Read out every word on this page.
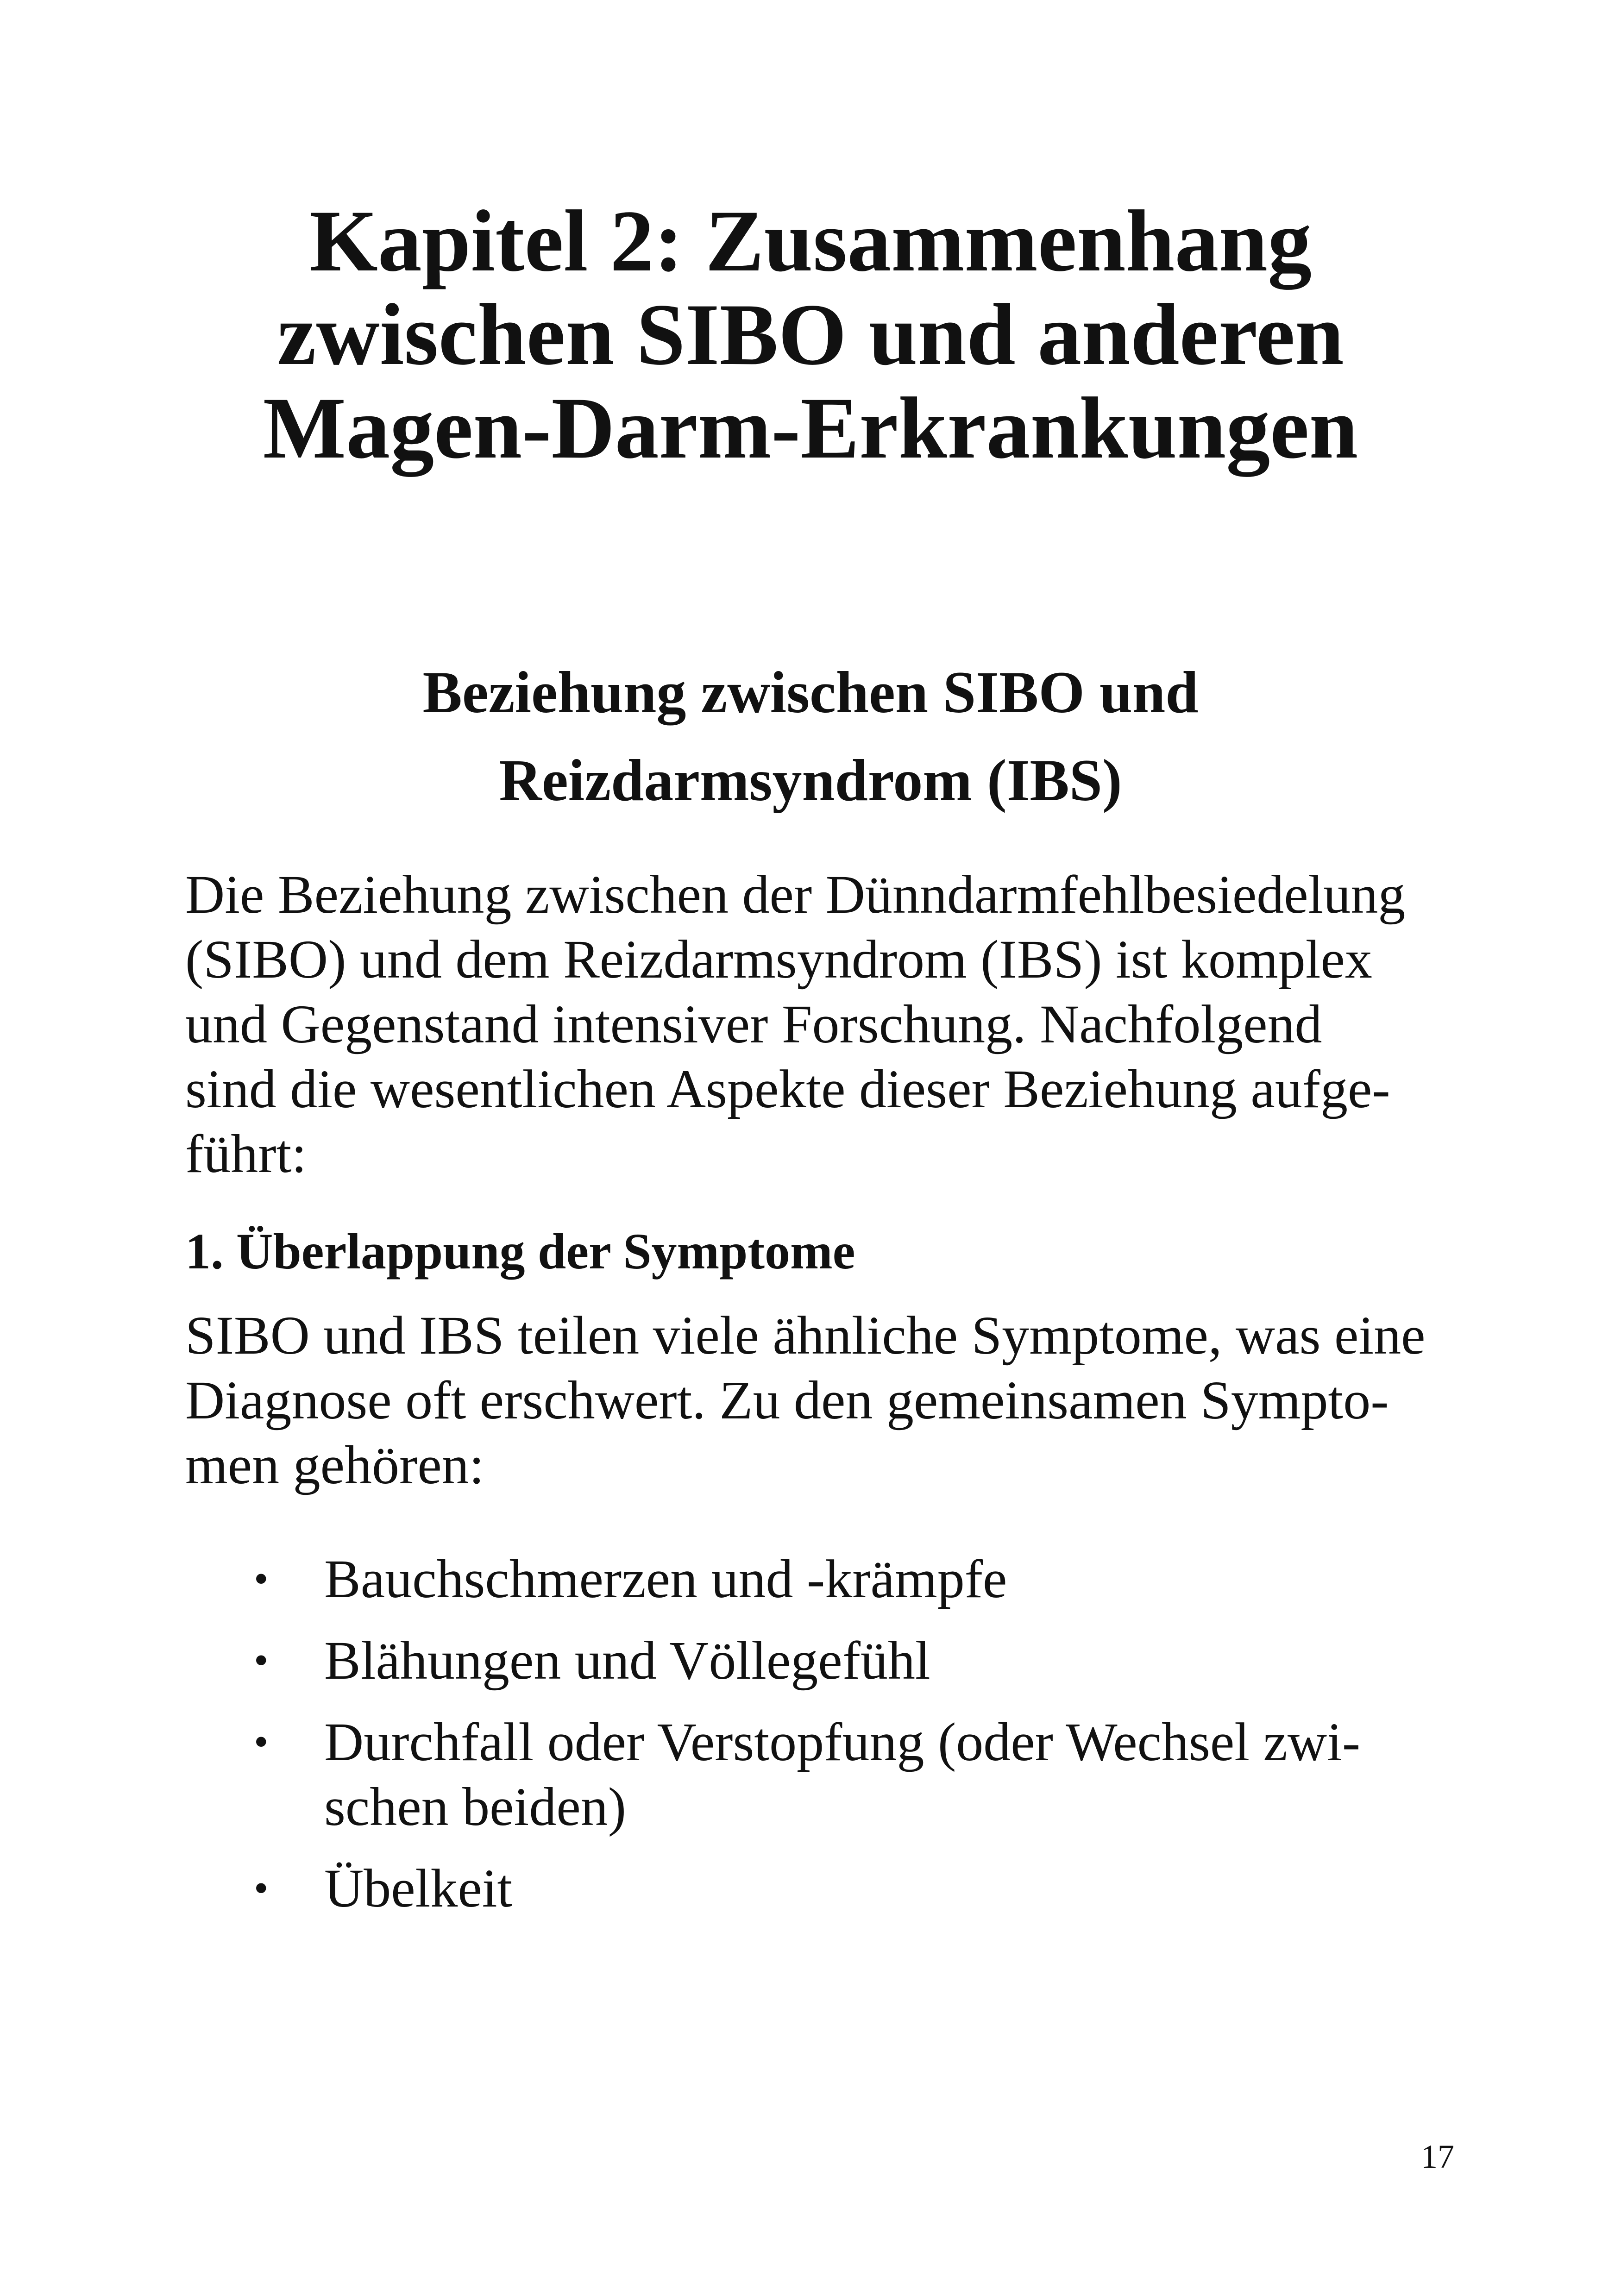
Kapitel 2: Zusammenhang
zwischen SIBO und anderen
Magen-Darm-Erkrankungen
Beziehung zwischen SIBO und
Reizdarmsyndrom (IBS)

Die Beziehung zwischen der Dünndarmfehlbesiedelung
(SIBO) und dem Reizdarmsyndrom (IBS) ist komplex
und Gegenstand intensiver Forschung. Nachfolgend
sind die wesentlichen Aspekte dieser Beziehung aufge-
führt:

1. Überlappung der Symptome

SIBO und IBS teilen viele ähnliche Symptome, was eine
Diagnose oft erschwert. Zu den gemeinsamen Sympto-
men gehören:

• Bauchschmerzen und -krämpfe
• Blähungen und Völlegefühl
• Durchfall oder Verstopfung (oder Wechsel zwi-
schen beiden)
• Übelkeit
17
